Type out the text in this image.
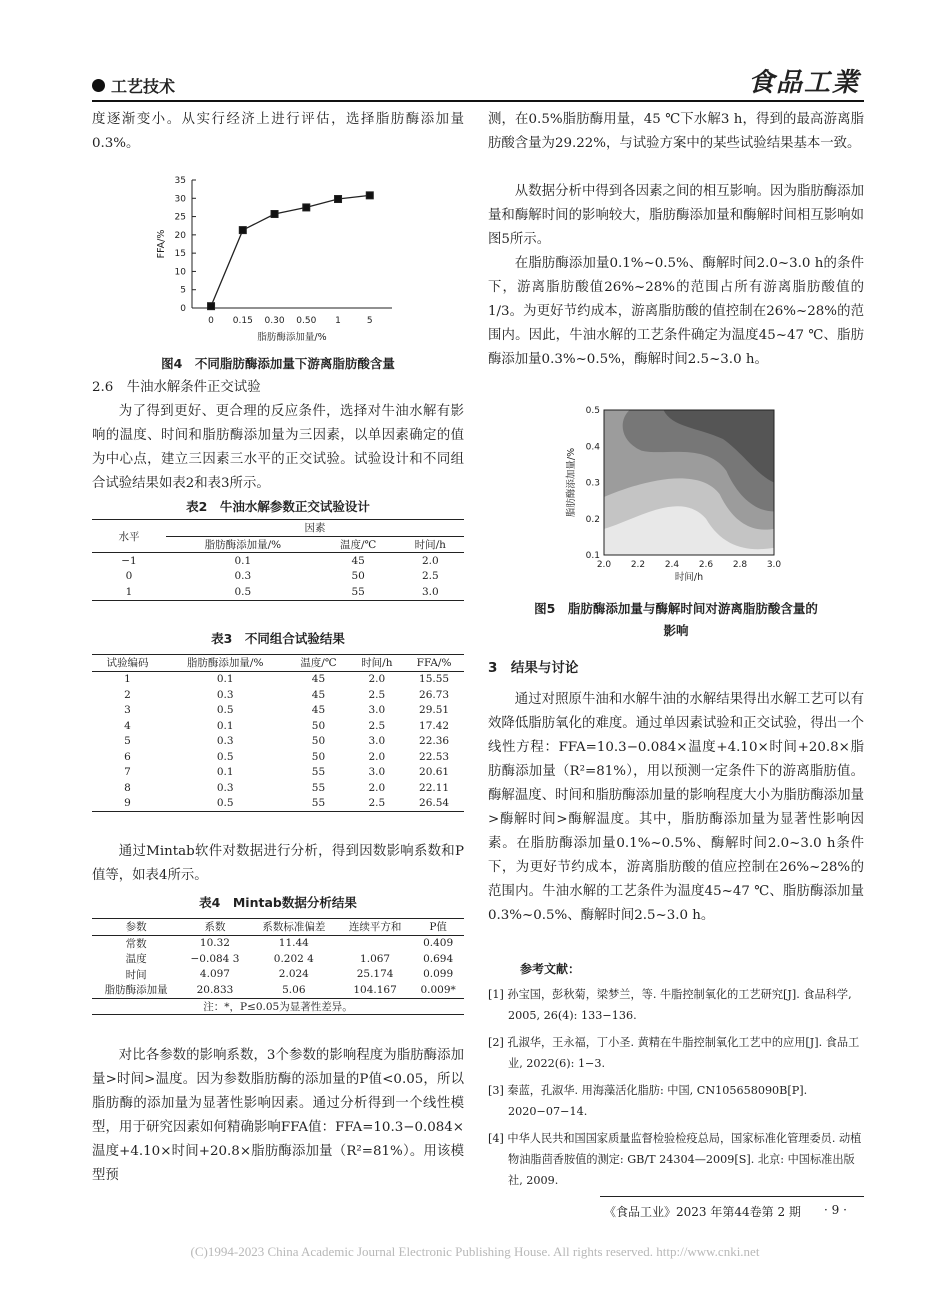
工艺技术	食品工業

度逐渐变小。从实行经济上进行评估，选择脂肪酶添加量0.3%。

0
5
10
15
20
25
30
35
0 0.15 0.30 0.50 1	5
脂肪酶添加量/%
FFA/%
图4　不同脂肪酶添加量下游离脂肪酸含量
2.6　牛油水解条件正交试验

为了得到更好、更合理的反应条件，选择对牛油水解有影响的温度、时间和脂肪酶添加量为三因素，以单因素确定的值为中心点，建立三因素三水平的正交试验。试验设计和不同组合试验结果如表2和表3所示。

表2　牛油水解参数正交试验设计
水平	因素		
	脂肪酶添加量/%	温度/℃	时间/h
−1	0.1	45	2.0
0	0.3	50	2.5
1	0.5	55	3.0
表3　不同组合试验结果
试验编码	脂肪酶添加量/%	温度/℃	时间/h	FFA/%
1	0.1	45	2.0	15.55
2	0.3	45	2.5	26.73
3	0.5	45	3.0	29.51
4	0.1	50	2.5	17.42
5	0.3	50	3.0	22.36
6	0.5	50	2.0	22.53
7	0.1	55	3.0	20.61
8	0.3	55	2.0	22.11
9	0.5	55	2.5	26.54

通过Mintab软件对数据进行分析，得到因数影响系数和P值等，如表4所示。

表4　Mintab数据分析结果
参数	系数	系数标准偏差	连续平方和	P值
常数	10.32	11.44		0.409
温度	−0.084 3	0.202 4	1.067	0.694
时间	4.097	2.024	25.174	0.099
脂肪酶添加量	20.833	5.06	104.167	0.009*
注：*，P≤0.05为显著性差异。				

对比各参数的影响系数，3个参数的影响程度为脂肪酶添加量>时间>温度。因为参数脂肪酶的添加量的P值<0.05，所以脂肪酶的添加量为显著性影响因素。通过分析得到一个线性模型，用于研究因素如何精确影响FFA值：FFA=10.3−0.084×温度+4.10×时间+20.8×脂肪酶添加量（R²=81%）。用该模型预

测，在0.5%脂肪酶用量，45 ℃下水解3 h，得到的最高游离脂肪酸含量为29.22%，与试验方案中的某些试验结果基本一致。

从数据分析中得到各因素之间的相互影响。因为脂肪酶添加量和酶解时间的影响较大，脂肪酶添加量和酶解时间相互影响如图5所示。

在脂肪酶添加量0.1%~0.5%、酶解时间2.0~3.0 h的条件下，游离脂肪酸值26%~28%的范围占所有游离脂肪酸值的1/3。为更好节约成本，游离脂肪酸的值控制在26%~28%的范围内。因此，牛油水解的工艺条件确定为温度45~47 ℃、脂肪酶添加量0.3%~0.5%，酶解时间2.5~3.0 h。

2.0 2.2 2.4 2.6 2.8 3.0
0.1
0.2
0.3
0.4
0.5
时间/h
脂肪酶添加量/%
图5　脂肪酶添加量与酶解时间对游离脂肪酸含量的
影响
3　结果与讨论

通过对照原牛油和水解牛油的水解结果得出水解工艺可以有效降低脂肪氧化的难度。通过单因素试验和正交试验，得出一个线性方程：FFA=10.3−0.084×温度+4.10×时间+20.8×脂肪酶添加量（R²=81%），用以预测一定条件下的游离脂肪值。酶解温度、时间和脂肪酶添加量的影响程度大小为脂肪酶添加量>酶解时间>酶解温度。其中，脂肪酶添加量为显著性影响因素。在脂肪酶添加量0.1%~0.5%、酶解时间2.0~3.0 h条件下，为更好节约成本，游离脂肪酸的值应控制在26%~28%的范围内。牛油水解的工艺条件为温度45~47 ℃、脂肪酶添加量0.3%~0.5%、酶解时间2.5~3.0 h。

参考文献：
[1] 孙宝国，彭秋菊，梁梦兰，等. 牛脂控制氧化的工艺研究[J]. 食品科学, 2005, 26(4): 133−136.
[2] 孔淑华，王永福，丁小圣. 黄精在牛脂控制氧化工艺中的应用[J]. 食品工业, 2022(6): 1−3.
[3] 秦蓝，孔淑华. 用海藻活化脂肪: 中国, CN105658090B[P]. 2020−07−14.
[4] 中华人民共和国国家质量监督检验检疫总局，国家标准化管理委员. 动植物油脂茴香胺值的测定: GB/T 24304—2009[S]. 北京: 中国标准出版社, 2009.
《食品工业》2023 年第44卷第 2 期 · 9 ·
(C)1994-2023 China Academic Journal Electronic Publishing House. All rights reserved. http://www.cnki.net
